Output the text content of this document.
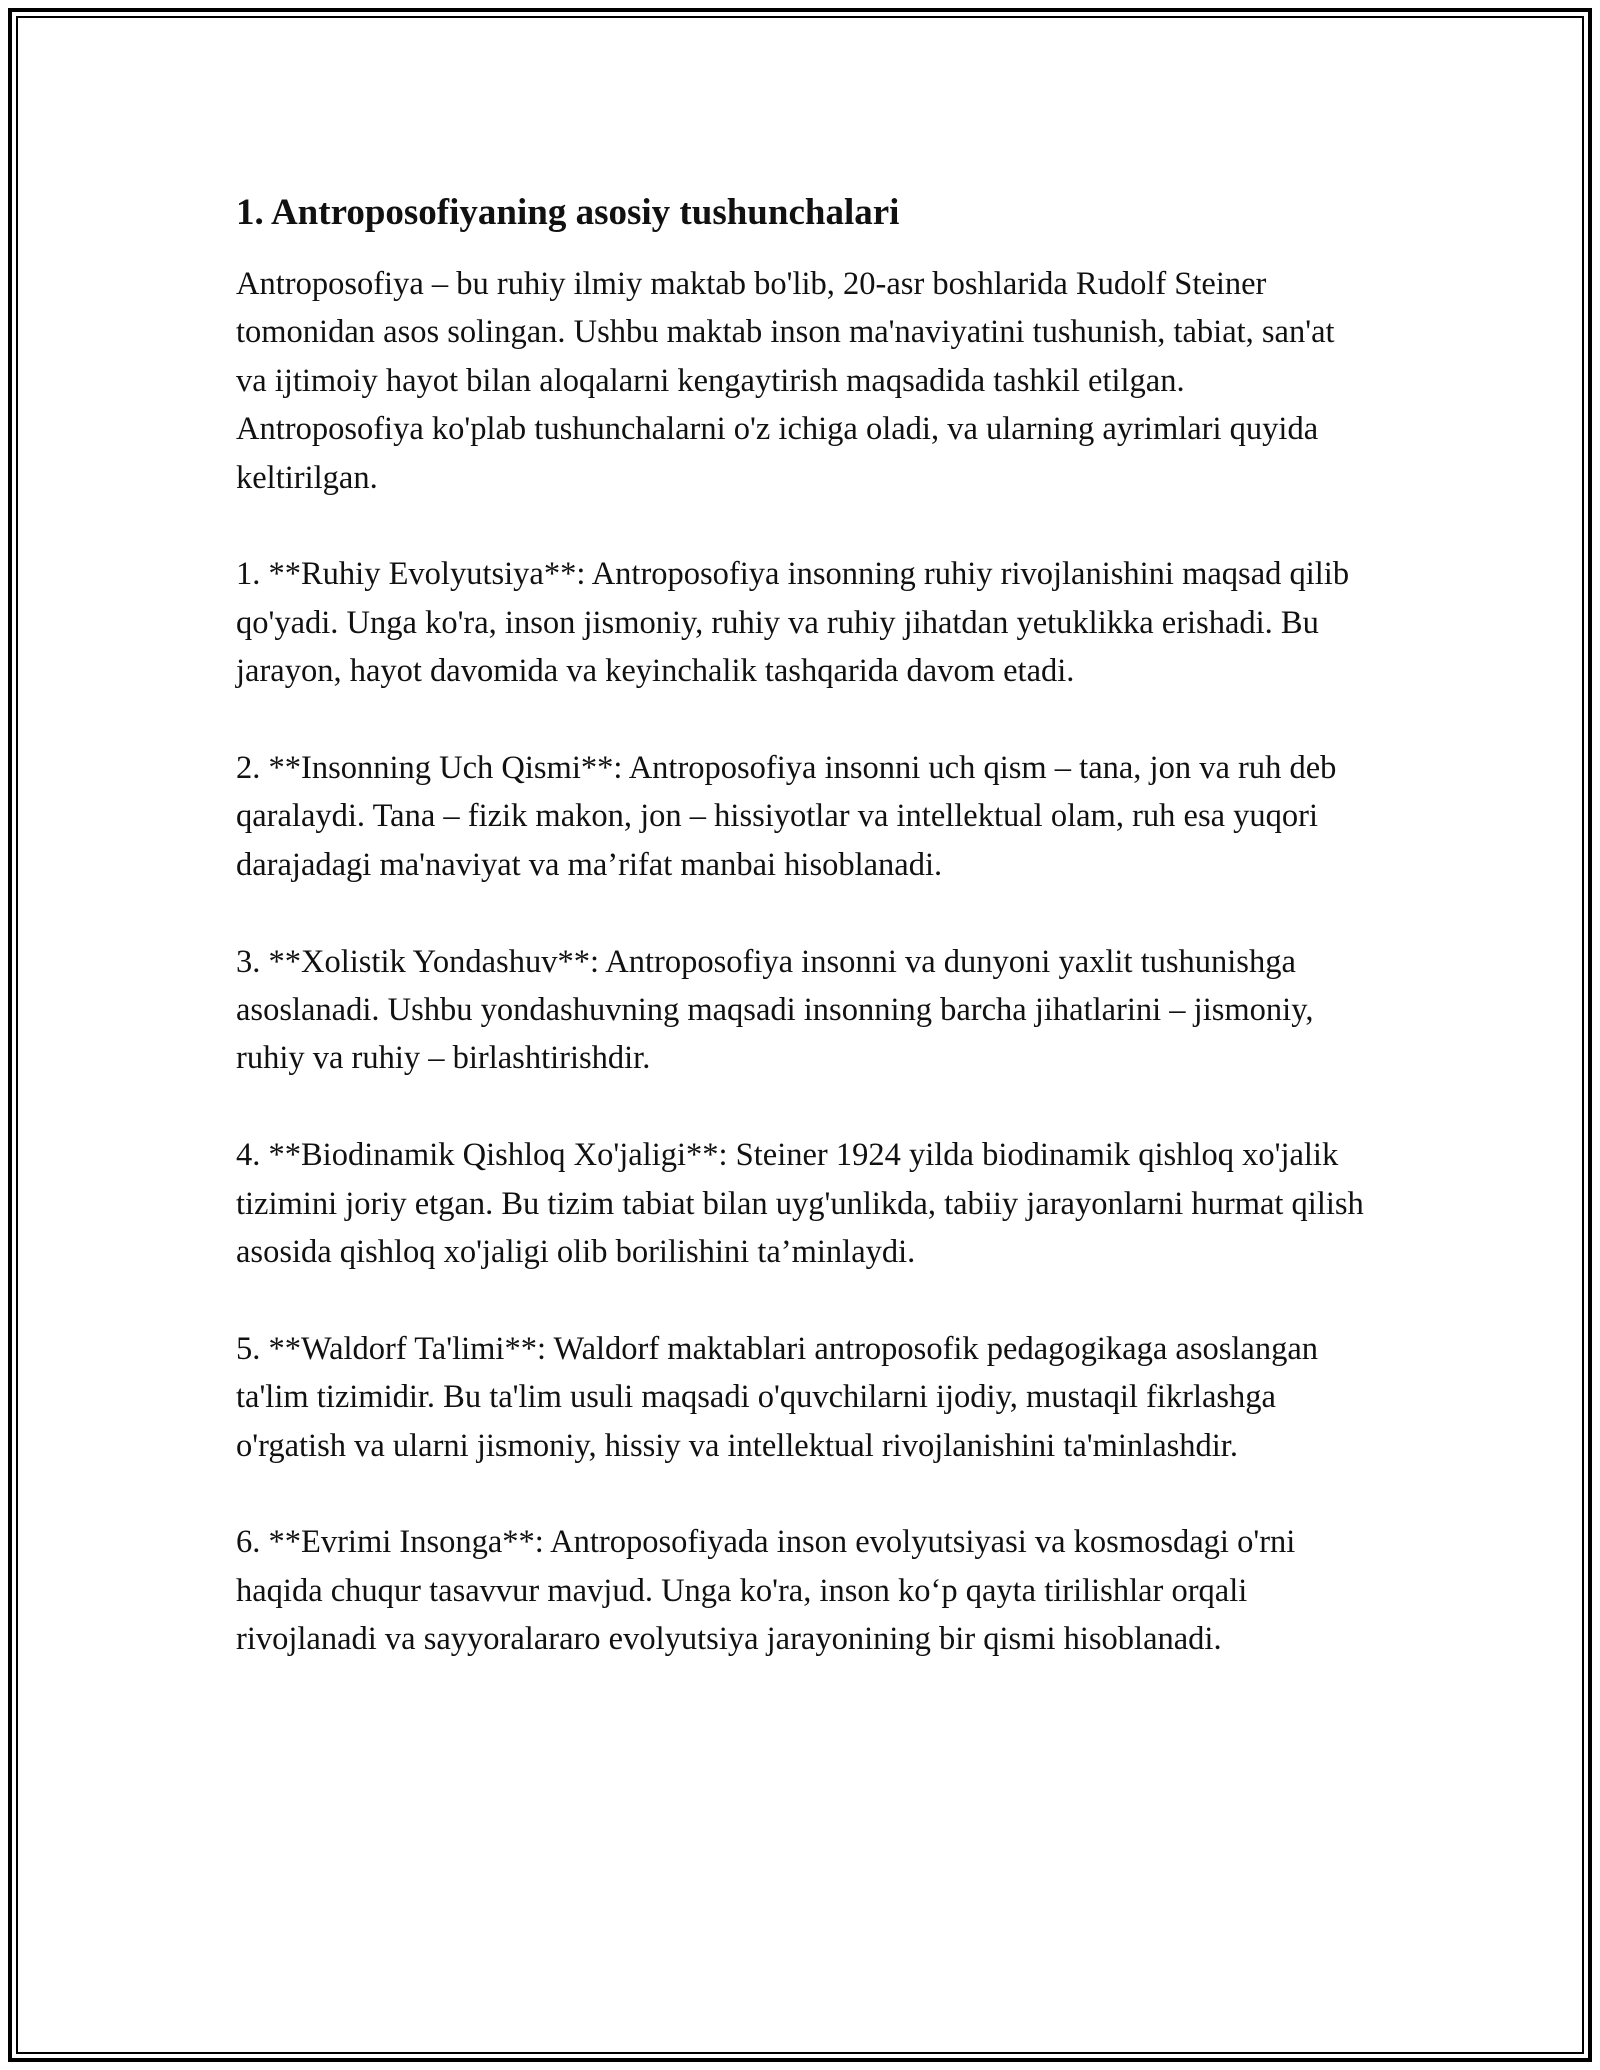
1. Antroposofiyaning asosiy tushunchalari

Antroposofiya – bu ruhiy ilmiy maktab bo'lib, 20-asr boshlarida Rudolf Steiner tomonidan asos solingan. Ushbu maktab inson ma'naviyatini tushunish, tabiat, san'at va ijtimoiy hayot bilan aloqalarni kengaytirish maqsadida tashkil etilgan. Antroposofiya ko'plab tushunchalarni o'z ichiga oladi, va ularning ayrimlari quyida keltirilgan.

1. **Ruhiy Evolyutsiya**: Antroposofiya insonning ruhiy rivojlanishini maqsad qilib qo'yadi. Unga ko'ra, inson jismoniy, ruhiy va ruhiy jihatdan yetuklikka erishadi. Bu jarayon, hayot davomida va keyinchalik tashqarida davom etadi.

2. **Insonning Uch Qismi**: Antroposofiya insonni uch qism – tana, jon va ruh deb qaralaydi. Tana – fizik makon, jon – hissiyotlar va intellektual olam, ruh esa yuqori darajadagi ma'naviyat va ma’rifat manbai hisoblanadi.

3. **Xolistik Yondashuv**: Antroposofiya insonni va dunyoni yaxlit tushunishga asoslanadi. Ushbu yondashuvning maqsadi insonning barcha jihatlarini – jismoniy, ruhiy va ruhiy – birlashtirishdir.

4. **Biodinamik Qishloq Xo'jaligi**: Steiner 1924 yilda biodinamik qishloq xo'jalik tizimini joriy etgan. Bu tizim tabiat bilan uyg'unlikda, tabiiy jarayonlarni hurmat qilish asosida qishloq xo'jaligi olib borilishini ta’minlaydi.

5. **Waldorf Ta'limi**: Waldorf maktablari antroposofik pedagogikaga asoslangan ta'lim tizimidir. Bu ta'lim usuli maqsadi o'quvchilarni ijodiy, mustaqil fikrlashga o'rgatish va ularni jismoniy, hissiy va intellektual rivojlanishini ta'minlashdir.

6. **Evrimi Insonga**: Antroposofiyada inson evolyutsiyasi va kosmosdagi o'rni haqida chuqur tasavvur mavjud. Unga ko'ra, inson ko‘p qayta tirilishlar orqali rivojlanadi va sayyoralararo evolyutsiya jarayonining bir qismi hisoblanadi.
